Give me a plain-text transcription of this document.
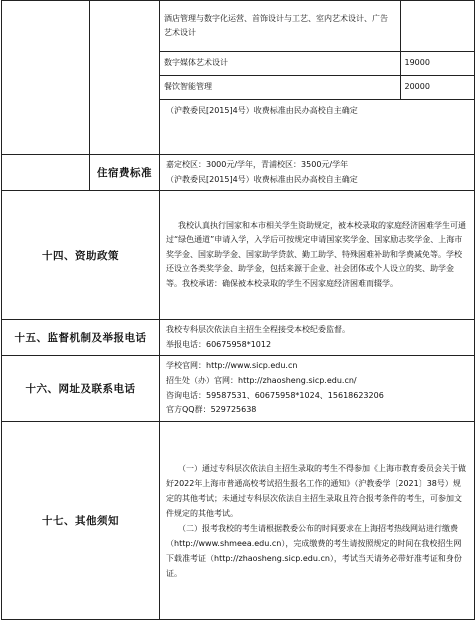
酒店管理与数字化运营、首饰设计与工艺、室内艺术设计、广告艺术设计	
数字媒体艺术设计	19000
餐饮智能管理	20000
（沪教委民[2015]4号）收费标准由民办高校自主确定

	住宿费标准	

嘉定校区：3000元/学年，青浦校区：3500元/学年

（沪教委民[2015]4号）收费标准由民办高校自主确定

十四、资助政策	

我校认真执行国家和本市相关学生资助规定，被本校录取的家庭经济困难学生可通过“绿色通道”申请入学，入学后可按规定申请国家奖学金、国家励志奖学金、上海市奖学金、国家助学金、国家助学贷款、勤工助学、特殊困难补助和学费减免等。学校还设立各类奖学金、助学金，包括来源于企业、社会团体或个人设立的奖、助学金等。我校承诺：确保被本校录取的学生不因家庭经济困难而辍学。

十五、监督机制及举报电话	

我校专科层次依法自主招生全程接受本校纪委监督。

举报电话：60675958*1012

十六、网址及联系电话	

学校官网：http://www.sicp.edu.cn

招生处（办）官网：http://zhaosheng.sicp.edu.cn/

咨询电话：59587531、60675958*1024、15618623206

官方QQ群：529725638

十七、其他须知	

（一）通过专科层次依法自主招生录取的考生不得参加《上海市教育委员会关于做好2022年上海市普通高校考试招生报名工作的通知》（沪教委学〔2021〕38号）规定的其他考试；未通过专科层次依法自主招生录取且符合报考条件的考生，可参加文件规定的其他考试。

（二）报考我校的考生请根据教委公布的时间要求在上海招考热线网站进行缴费（http://www.shmeea.edu.cn），完成缴费的考生请按照规定的时间在我校招生网下载准考证（http://zhaosheng.sicp.edu.cn），考试当天请务必带好准考证和身份证。
